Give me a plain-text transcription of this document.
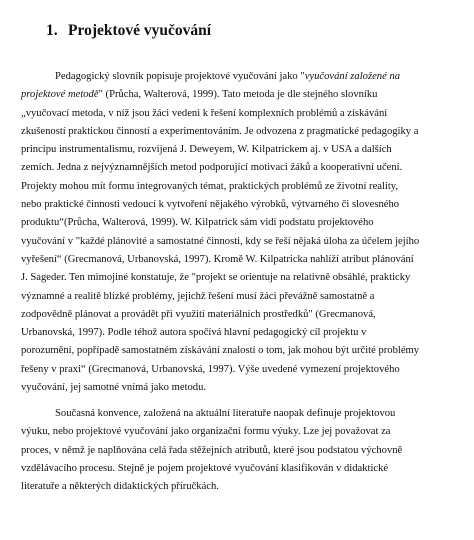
1. Projektové vyučování
Pedagogický slovník popisuje projektové vyučování jako "vyučování založené na
projektové metodě" (Průcha, Walterová, 1999). Tato metoda je dle stejného slovníku
„vyučovací metoda, v níž jsou žáci vedeni k řešení komplexních problémů a získávání
zkušeností praktickou činností a experimentováním. Je odvozena z pragmatické pedagogiky a
principu instrumentalismu, rozvíjená J. Deweyem, W. Kilpatrickem aj. v USA a dalších
zemích. Jedna z nejvýznamnějších metod podporující motivaci žáků a kooperativní učení.
Projekty mohou mít formu integrovaných témat, praktických problémů ze životní reality,
nebo praktické činnosti vedoucí k vytvoření nějakého výrobků, výtvarného či slovesného
produktu“(Průcha, Walterová, 1999). W. Kilpatrick sám vidí podstatu projektového
vyučování v "každé plánovité a samostatné činnosti, kdy se řeší nějaká úloha za účelem jejího
vyřešení“ (Grecmanová, Urbanovská, 1997). Kromě W. Kilpatricka nahlíží atribut plánování
J. Sageder. Ten mimojiné konstatuje, že "projekt se orientuje na relativně obsáhlé, prakticky
významné a realitě blízké problémy, jejichž řešení musí žáci převážně samostatně a
zodpovědně plánovat a provádět při využití materiálních prostředků" (Grecmanová,
Urbanovská, 1997). Podle téhož autora spočívá hlavní pedagogický cíl projektu v
porozumění, popřípadě samostatném získávání znalostí o tom, jak mohou být určité problémy
řešeny v praxi“ (Grecmanová, Urbanovská, 1997). Výše uvedené vymezení projektového
vyučování, jej samotné vnímá jako metodu.
Současná konvence, založená na aktuální literatuře naopak definuje projektovou
výuku, nebo projektové vyučování jako organizační formu výuky. Lze jej považovat za
proces, v němž je naplňována celá řada stěžejních atributů, které jsou podstatou výchovně
vzdělávacího procesu. Stejně je pojem projektové vyučování klasifikován v didaktické
literatuře a některých didaktických příručkách.
